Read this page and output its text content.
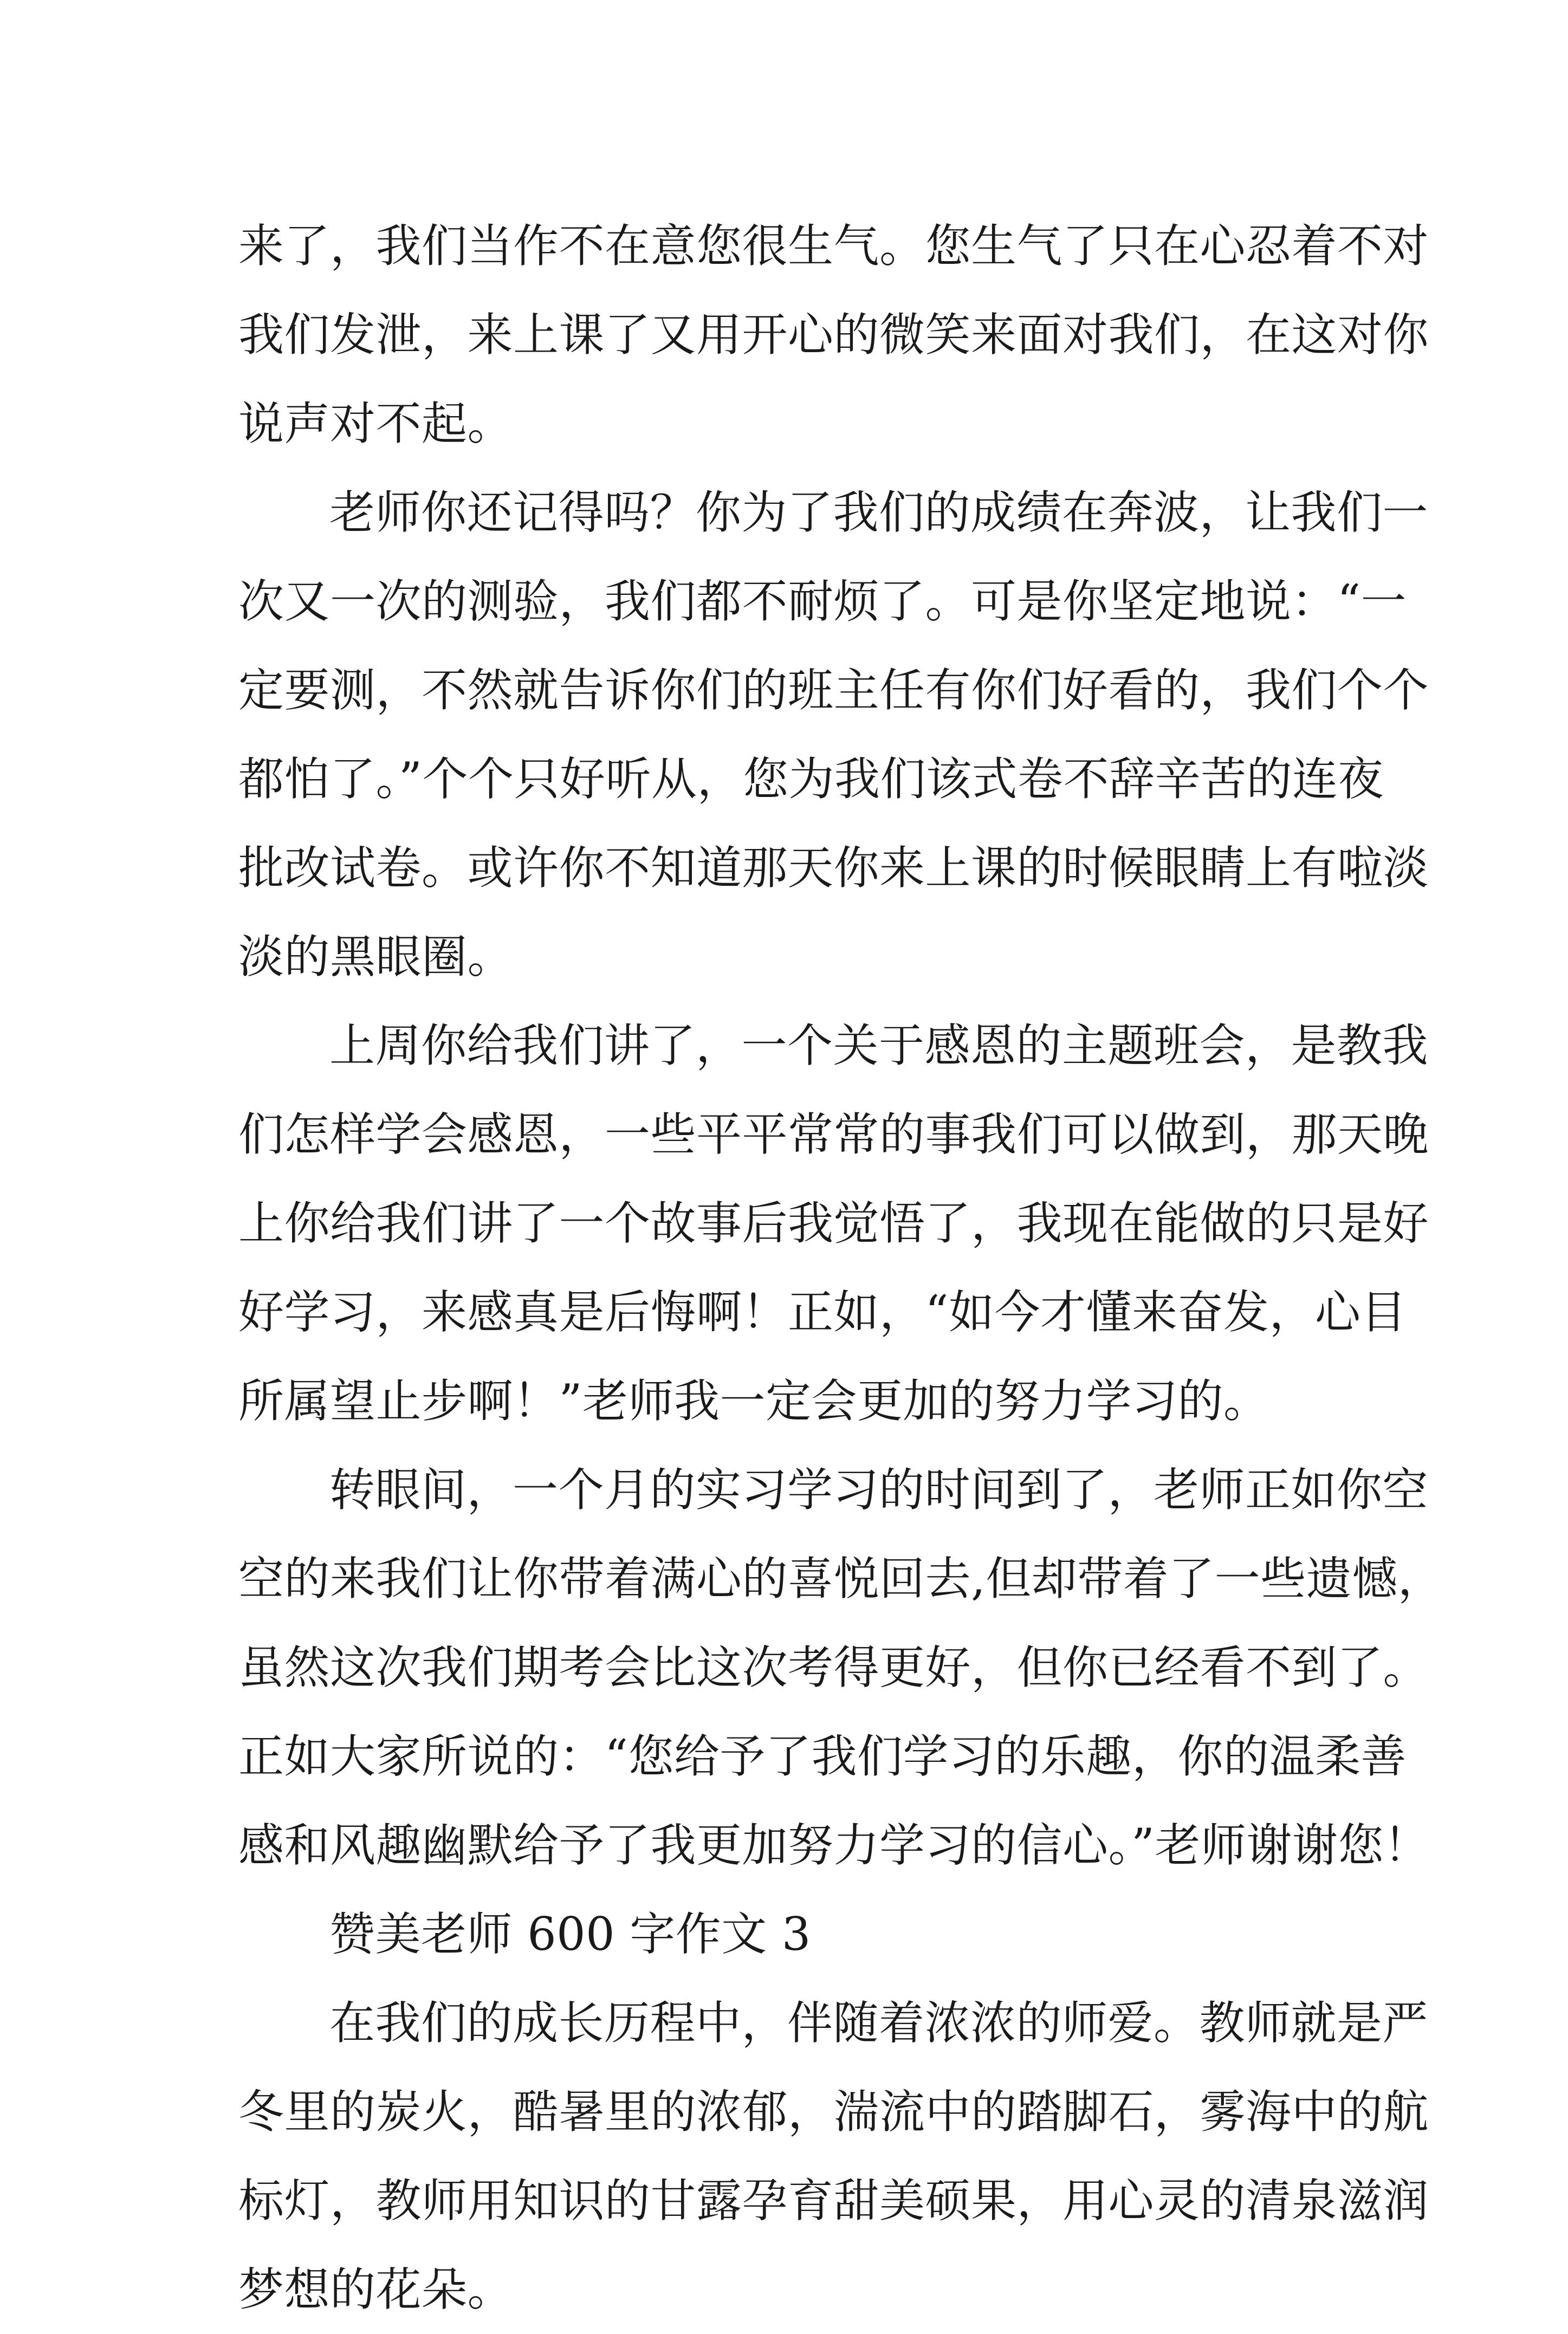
来了，我们当作不在意您很生气。您生气了只在心忍着不对
我们发泄，来上课了又用开心的微笑来面对我们，在这对你
说声对不起。
老师你还记得吗？你为了我们的成绩在奔波，让我们一
次又一次的测验，我们都不耐烦了。可是你坚定地说：“一
定要测，不然就告诉你们的班主任有你们好看的，我们个个
都怕了。”个个只好听从，您为我们该式卷不辞辛苦的连夜
批改试卷。或许你不知道那天你来上课的时候眼睛上有啦淡
淡的黑眼圈。
上周你给我们讲了，一个关于感恩的主题班会，是教我
们怎样学会感恩，一些平平常常的事我们可以做到，那天晚
上你给我们讲了一个故事后我觉悟了，我现在能做的只是好
好学习，来感真是后悔啊！正如，“如今才懂来奋发，心目
所属望止步啊！”老师我一定会更加的努力学习的。
转眼间，一个月的实习学习的时间到了，老师正如你空
空的来我们让你带着满心的喜悦回去,但却带着了一些遗憾，
虽然这次我们期考会比这次考得更好，但你已经看不到了。
正如大家所说的：“您给予了我们学习的乐趣，你的温柔善
感和风趣幽默给予了我更加努力学习的信心。”老师谢谢您！
赞美老师 600 字作文 3
在我们的成长历程中，伴随着浓浓的师爱。教师就是严
冬里的炭火，酷暑里的浓郁，湍流中的踏脚石，雾海中的航
标灯，教师用知识的甘露孕育甜美硕果，用心灵的清泉滋润
梦想的花朵。
